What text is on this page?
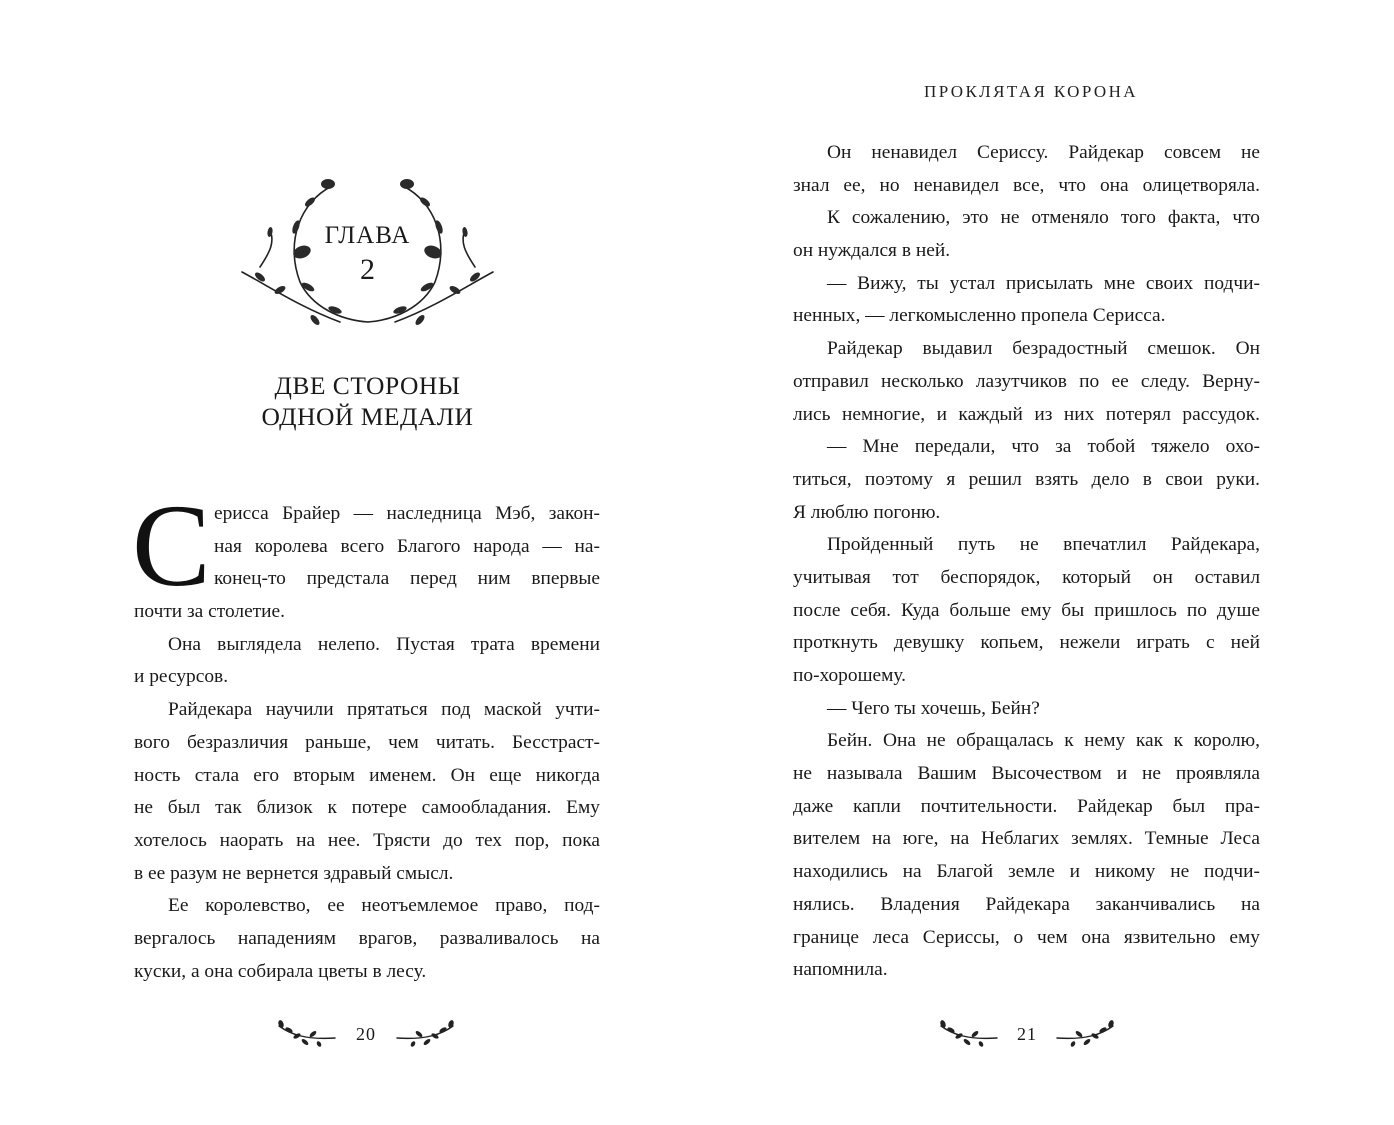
ГЛАВА
2
ДВЕ СТОРОНЫ
ОДНОЙ МЕДАЛИ
С ерисса Брайер — наследница Мэб, закон-
ная королева всего Благого народа — на-
конец-то предстала перед ним впервые
почти за столетие.
Она выглядела нелепо. Пустая трата времени
и ресурсов.
Райдекара научили прятаться под маской учти-
вого безразличия раньше, чем читать. Бесстраст-
ность стала его вторым именем. Он еще никогда
не был так близок к потере самообладания. Ему
хотелось наорать на нее. Трясти до тех пор, пока
в ее разум не вернется здравый смысл.
Ее королевство, ее неотъемлемое право, под-
вергалось нападениям врагов, разваливалось на
куски, а она собирала цветы в лесу.
20
ПРОКЛЯТАЯ КОРОНА
Он ненавидел Сериссу. Райдекар совсем не
знал ее, но ненавидел все, что она олицетворяла.
К сожалению, это не отменяло того факта, что
он нуждался в ней.
— Вижу, ты устал присылать мне своих подчи-
ненных, — легкомысленно пропела Серисса.
Райдекар выдавил безрадостный смешок. Он
отправил несколько лазутчиков по ее следу. Верну-
лись немногие, и каждый из них потерял рассудок.
— Мне передали, что за тобой тяжело охо-
титься, поэтому я решил взять дело в свои руки.
Я люблю погоню.
Пройденный путь не впечатлил Райдекара,
учитывая тот беспорядок, который он оставил
после себя. Куда больше ему бы пришлось по душе
проткнуть девушку копьем, нежели играть с ней
по-хорошему.
— Чего ты хочешь, Бейн?
Бейн. Она не обращалась к нему как к королю,
не называла Вашим Высочеством и не проявляла
даже капли почтительности. Райдекар был пра-
вителем на юге, на Неблагих землях. Темные Леса
находились на Благой земле и никому не подчи-
нялись. Владения Райдекара заканчивались на
границе леса Сериссы, о чем она язвительно ему
напомнила.
21
